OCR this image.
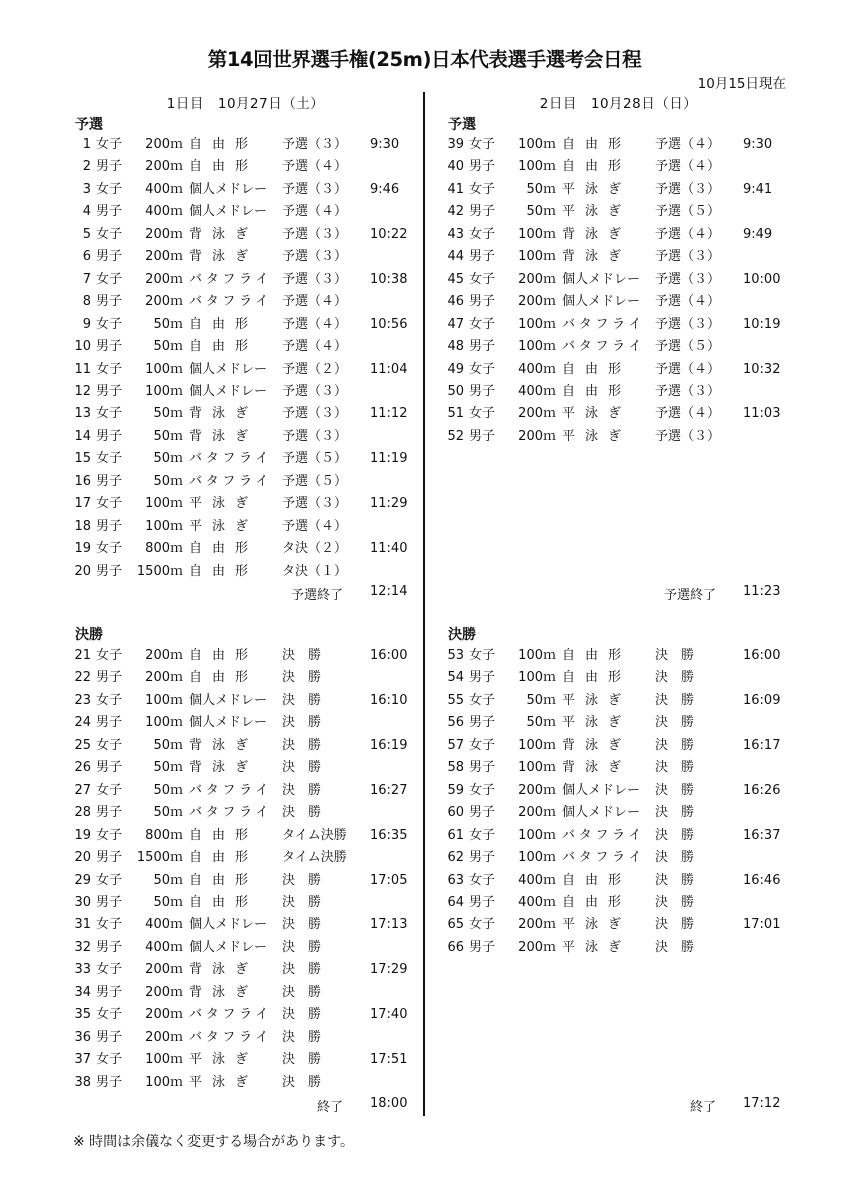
第14回世界選手権(25m)日本代表選手選考会日程
10月15日現在
1日目　10月27日（土）
予選
1 女子	200ｍ 自由形	予選（３） 9:30
2 男子	200ｍ 自由形	予選（４）
3 女子	400ｍ 個人メドレー	予選（３） 9:46
4 男子	400ｍ 個人メドレー	予選（４）
5 女子	200ｍ 背泳ぎ	予選（３） 10:22
6 男子	200ｍ 背泳ぎ	予選（３）
7 女子	200ｍ バタフライ 予選（３） 10:38
8 男子	200ｍ バタフライ 予選（４）
9 女子	50ｍ 自由形	予選（４） 10:56
10 男子	50ｍ 自由形	予選（４）
11 女子	100ｍ 個人メドレー	予選（２） 11:04
12 男子	100ｍ 個人メドレー	予選（３）
13 女子	50ｍ 背泳ぎ	予選（３） 11:12
14 男子	50ｍ 背泳ぎ	予選（３）
15 女子	50ｍ バタフライ 予選（５） 11:19
16 男子	50ｍ バタフライ 予選（５）
17 女子	100ｍ 平泳ぎ	予選（３） 11:29
18 男子	100ｍ 平泳ぎ	予選（４）
19 女子	800ｍ 自由形	タ決（２） 11:40
20 男子	1500ｍ 自由形	タ決（１）
予選終了 12:14
決勝
21 女子	200ｍ 自由形	決　勝	16:00
22 男子	200ｍ 自由形	決　勝
23 女子	100ｍ 個人メドレー	決　勝	16:10
24 男子	100ｍ 個人メドレー	決　勝
25 女子	50ｍ 背泳ぎ	決　勝	16:19
26 男子	50ｍ 背泳ぎ	決　勝
27 女子	50ｍ バタフライ 決　勝	16:27
28 男子	50ｍ バタフライ 決　勝
19 女子	800ｍ 自由形	タイム決勝 16:35
20 男子	1500ｍ 自由形	タイム決勝
29 女子	50ｍ 自由形	決　勝	17:05
30 男子	50ｍ 自由形	決　勝
31 女子	400ｍ 個人メドレー	決　勝	17:13
32 男子	400ｍ 個人メドレー	決　勝
33 女子	200ｍ 背泳ぎ	決　勝	17:29
34 男子	200ｍ 背泳ぎ	決　勝
35 女子	200ｍ バタフライ 決　勝	17:40
36 男子	200ｍ バタフライ 決　勝
37 女子	100ｍ 平泳ぎ	決　勝	17:51
38 男子	100ｍ 平泳ぎ	決　勝
終了 18:00
2日目　10月28日（日）
予選
39 女子	100ｍ 自由形	予選（４） 9:30
40 男子	100ｍ 自由形	予選（４）
41 女子	50ｍ 平泳ぎ	予選（３） 9:41
42 男子	50ｍ 平泳ぎ	予選（５）
43 女子	100ｍ 背泳ぎ	予選（４） 9:49
44 男子	100ｍ 背泳ぎ	予選（３）
45 女子	200ｍ 個人メドレー	予選（３） 10:00
46 男子	200ｍ 個人メドレー	予選（４）
47 女子	100ｍ バタフライ 予選（３） 10:19
48 男子	100ｍ バタフライ 予選（５）
49 女子	400ｍ 自由形	予選（４） 10:32
50 男子	400ｍ 自由形	予選（３）
51 女子	200ｍ 平泳ぎ	予選（４） 11:03
52 男子	200ｍ 平泳ぎ	予選（３）
予選終了 11:23
決勝
53 女子	100ｍ 自由形	決　勝	16:00
54 男子	100ｍ 自由形	決　勝
55 女子	50ｍ 平泳ぎ	決　勝	16:09
56 男子	50ｍ 平泳ぎ	決　勝
57 女子	100ｍ 背泳ぎ	決　勝	16:17
58 男子	100ｍ 背泳ぎ	決　勝
59 女子	200ｍ 個人メドレー	決　勝	16:26
60 男子	200ｍ 個人メドレー	決　勝
61 女子	100ｍ バタフライ 決　勝	16:37
62 男子	100ｍ バタフライ 決　勝
63 女子	400ｍ 自由形	決　勝	16:46
64 男子	400ｍ 自由形	決　勝
65 女子	200ｍ 平泳ぎ	決　勝	17:01
66 男子	200ｍ 平泳ぎ	決　勝
終了 17:12
※ 時間は余儀なく変更する場合があります。
